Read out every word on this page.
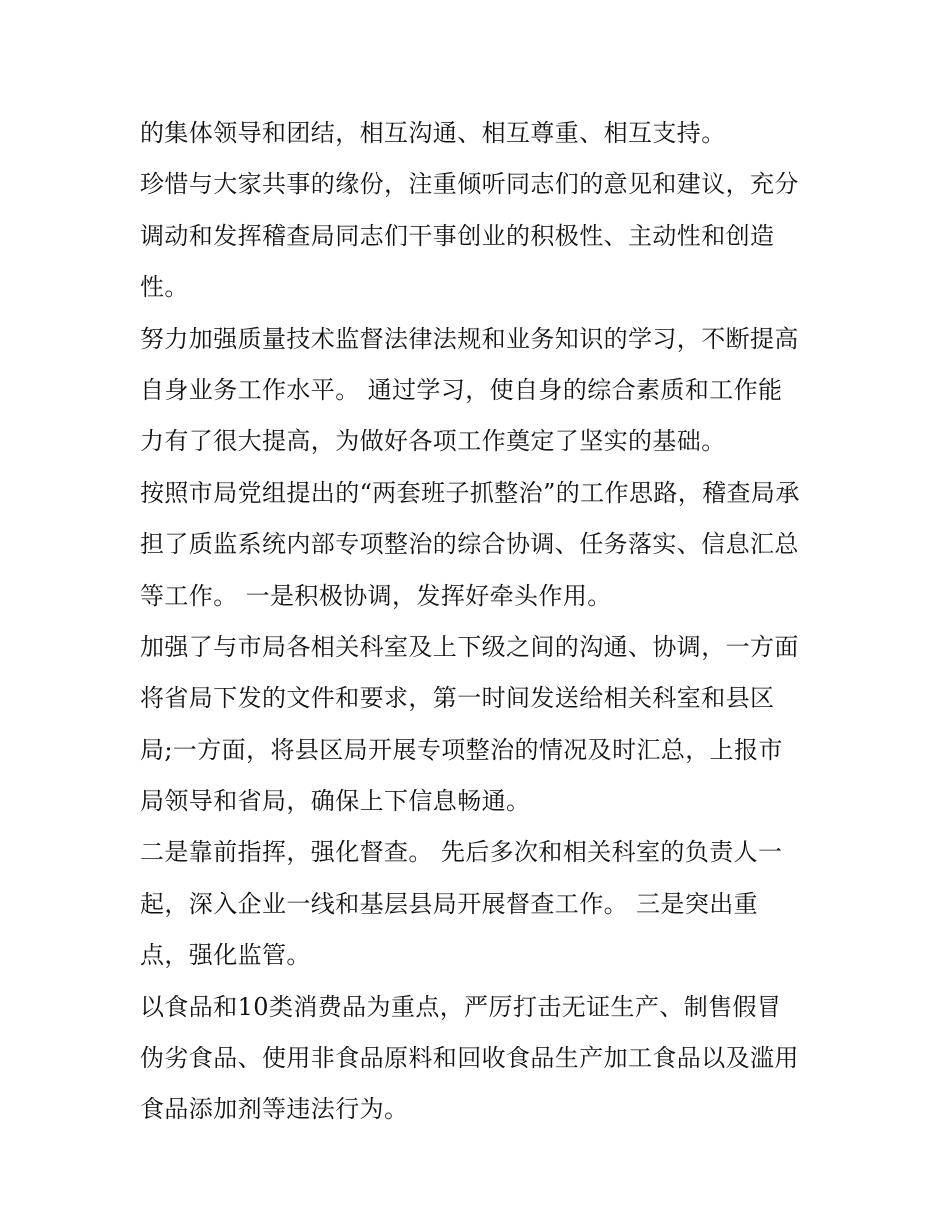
的集体领导和团结，相互沟通、相互尊重、相互支持。
珍惜与大家共事的缘份，注重倾听同志们的意见和建议，充分
调动和发挥稽查局同志们干事创业的积极性、主动性和创造
性。
努力加强质量技术监督法律法规和业务知识的学习，不断提高
自身业务工作水平。 通过学习，使自身的综合素质和工作能
力有了很大提高，为做好各项工作奠定了坚实的基础。
按照市局党组提出的“两套班子抓整治”的工作思路，稽查局承
担了质监系统内部专项整治的综合协调、任务落实、信息汇总
等工作。 一是积极协调，发挥好牵头作用。
加强了与市局各相关科室及上下级之间的沟通、协调，一方面
将省局下发的文件和要求，第一时间发送给相关科室和县区
局;一方面，将县区局开展专项整治的情况及时汇总，上报市
局领导和省局，确保上下信息畅通。
二是靠前指挥，强化督查。 先后多次和相关科室的负责人一
起，深入企业一线和基层县局开展督查工作。 三是突出重
点，强化监管。
以食品和10类消费品为重点，严厉打击无证生产、制售假冒
伪劣食品、使用非食品原料和回收食品生产加工食品以及滥用
食品添加剂等违法行为。
